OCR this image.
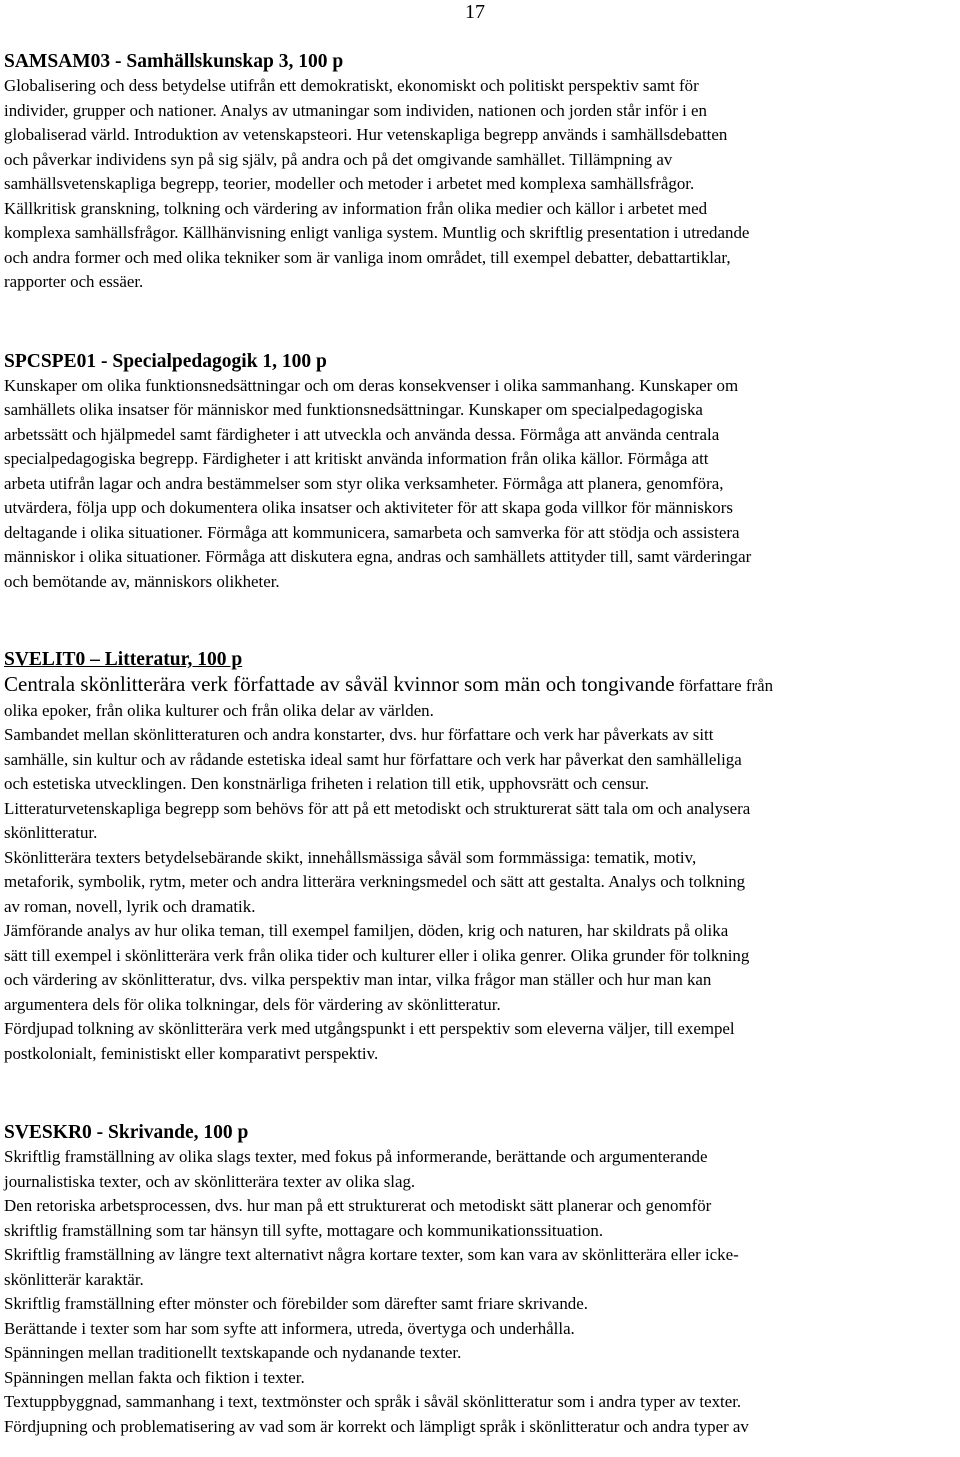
17
SAMSAM03 - Samhällskunskap 3, 100 p
Globalisering och dess betydelse utifrån ett demokratiskt, ekonomiskt och politiskt perspektiv samt för
individer, grupper och nationer. Analys av utmaningar som individen, nationen och jorden står inför i en
globaliserad värld. Introduktion av vetenskapsteori. Hur vetenskapliga begrepp används i samhällsdebatten
och påverkar individens syn på sig själv, på andra och på det omgivande samhället. Tillämpning av
samhällsvetenskapliga begrepp, teorier, modeller och metoder i arbetet med komplexa samhällsfrågor.
Källkritisk granskning, tolkning och värdering av information från olika medier och källor i arbetet med
komplexa samhällsfrågor. Källhänvisning enligt vanliga system. Muntlig och skriftlig presentation i utredande
och andra former och med olika tekniker som är vanliga inom området, till exempel debatter, debattartiklar,
rapporter och essäer.
SPCSPE01 - Specialpedagogik 1, 100 p
Kunskaper om olika funktionsnedsättningar och om deras konsekvenser i olika sammanhang. Kunskaper om
samhällets olika insatser för människor med funktionsnedsättningar. Kunskaper om specialpedagogiska
arbetssätt och hjälpmedel samt färdigheter i att utveckla och använda dessa. Förmåga att använda centrala
specialpedagogiska begrepp. Färdigheter i att kritiskt använda information från olika källor. Förmåga att
arbeta utifrån lagar och andra bestämmelser som styr olika verksamheter. Förmåga att planera, genomföra,
utvärdera, följa upp och dokumentera olika insatser och aktiviteter för att skapa goda villkor för människors
deltagande i olika situationer. Förmåga att kommunicera, samarbeta och samverka för att stödja och assistera
människor i olika situationer. Förmåga att diskutera egna, andras och samhällets attityder till, samt värderingar
och bemötande av, människors olikheter.
SVELIT0 – Litteratur, 100 p
Centrala skönlitterära verk författade av såväl kvinnor som män och tongivande författare från
olika epoker, från olika kulturer och från olika delar av världen.
Sambandet mellan skönlitteraturen och andra konstarter, dvs. hur författare och verk har påverkats av sitt
samhälle, sin kultur och av rådande estetiska ideal samt hur författare och verk har påverkat den samhälleliga
och estetiska utvecklingen. Den konstnärliga friheten i relation till etik, upphovsrätt och censur.
Litteraturvetenskapliga begrepp som behövs för att på ett metodiskt och strukturerat sätt tala om och analysera
skönlitteratur.
Skönlitterära texters betydelsebärande skikt, innehållsmässiga såväl som formmässiga: tematik, motiv,
metaforik, symbolik, rytm, meter och andra litterära verkningsmedel och sätt att gestalta. Analys och tolkning
av roman, novell, lyrik och dramatik.
Jämförande analys av hur olika teman, till exempel familjen, döden, krig och naturen, har skildrats på olika
sätt till exempel i skönlitterära verk från olika tider och kulturer eller i olika genrer. Olika grunder för tolkning
och värdering av skönlitteratur, dvs. vilka perspektiv man intar, vilka frågor man ställer och hur man kan
argumentera dels för olika tolkningar, dels för värdering av skönlitteratur.
Fördjupad tolkning av skönlitterära verk med utgångspunkt i ett perspektiv som eleverna väljer, till exempel
postkolonialt, feministiskt eller komparativt perspektiv.
SVESKR0 - Skrivande, 100 p
Skriftlig framställning av olika slags texter, med fokus på informerande, berättande och argumenterande
journalistiska texter, och av skönlitterära texter av olika slag.
Den retoriska arbetsprocessen, dvs. hur man på ett strukturerat och metodiskt sätt planerar och genomför
skriftlig framställning som tar hänsyn till syfte, mottagare och kommunikationssituation.
Skriftlig framställning av längre text alternativt några kortare texter, som kan vara av skönlitterära eller icke-
skönlitterär karaktär.
Skriftlig framställning efter mönster och förebilder som därefter samt friare skrivande.
Berättande i texter som har som syfte att informera, utreda, övertyga och underhålla.
Spänningen mellan traditionellt textskapande och nydanande texter.
Spänningen mellan fakta och fiktion i texter.
Textuppbyggnad, sammanhang i text, textmönster och språk i såväl skönlitteratur som i andra typer av texter.
Fördjupning och problematisering av vad som är korrekt och lämpligt språk i skönlitteratur och andra typer av
